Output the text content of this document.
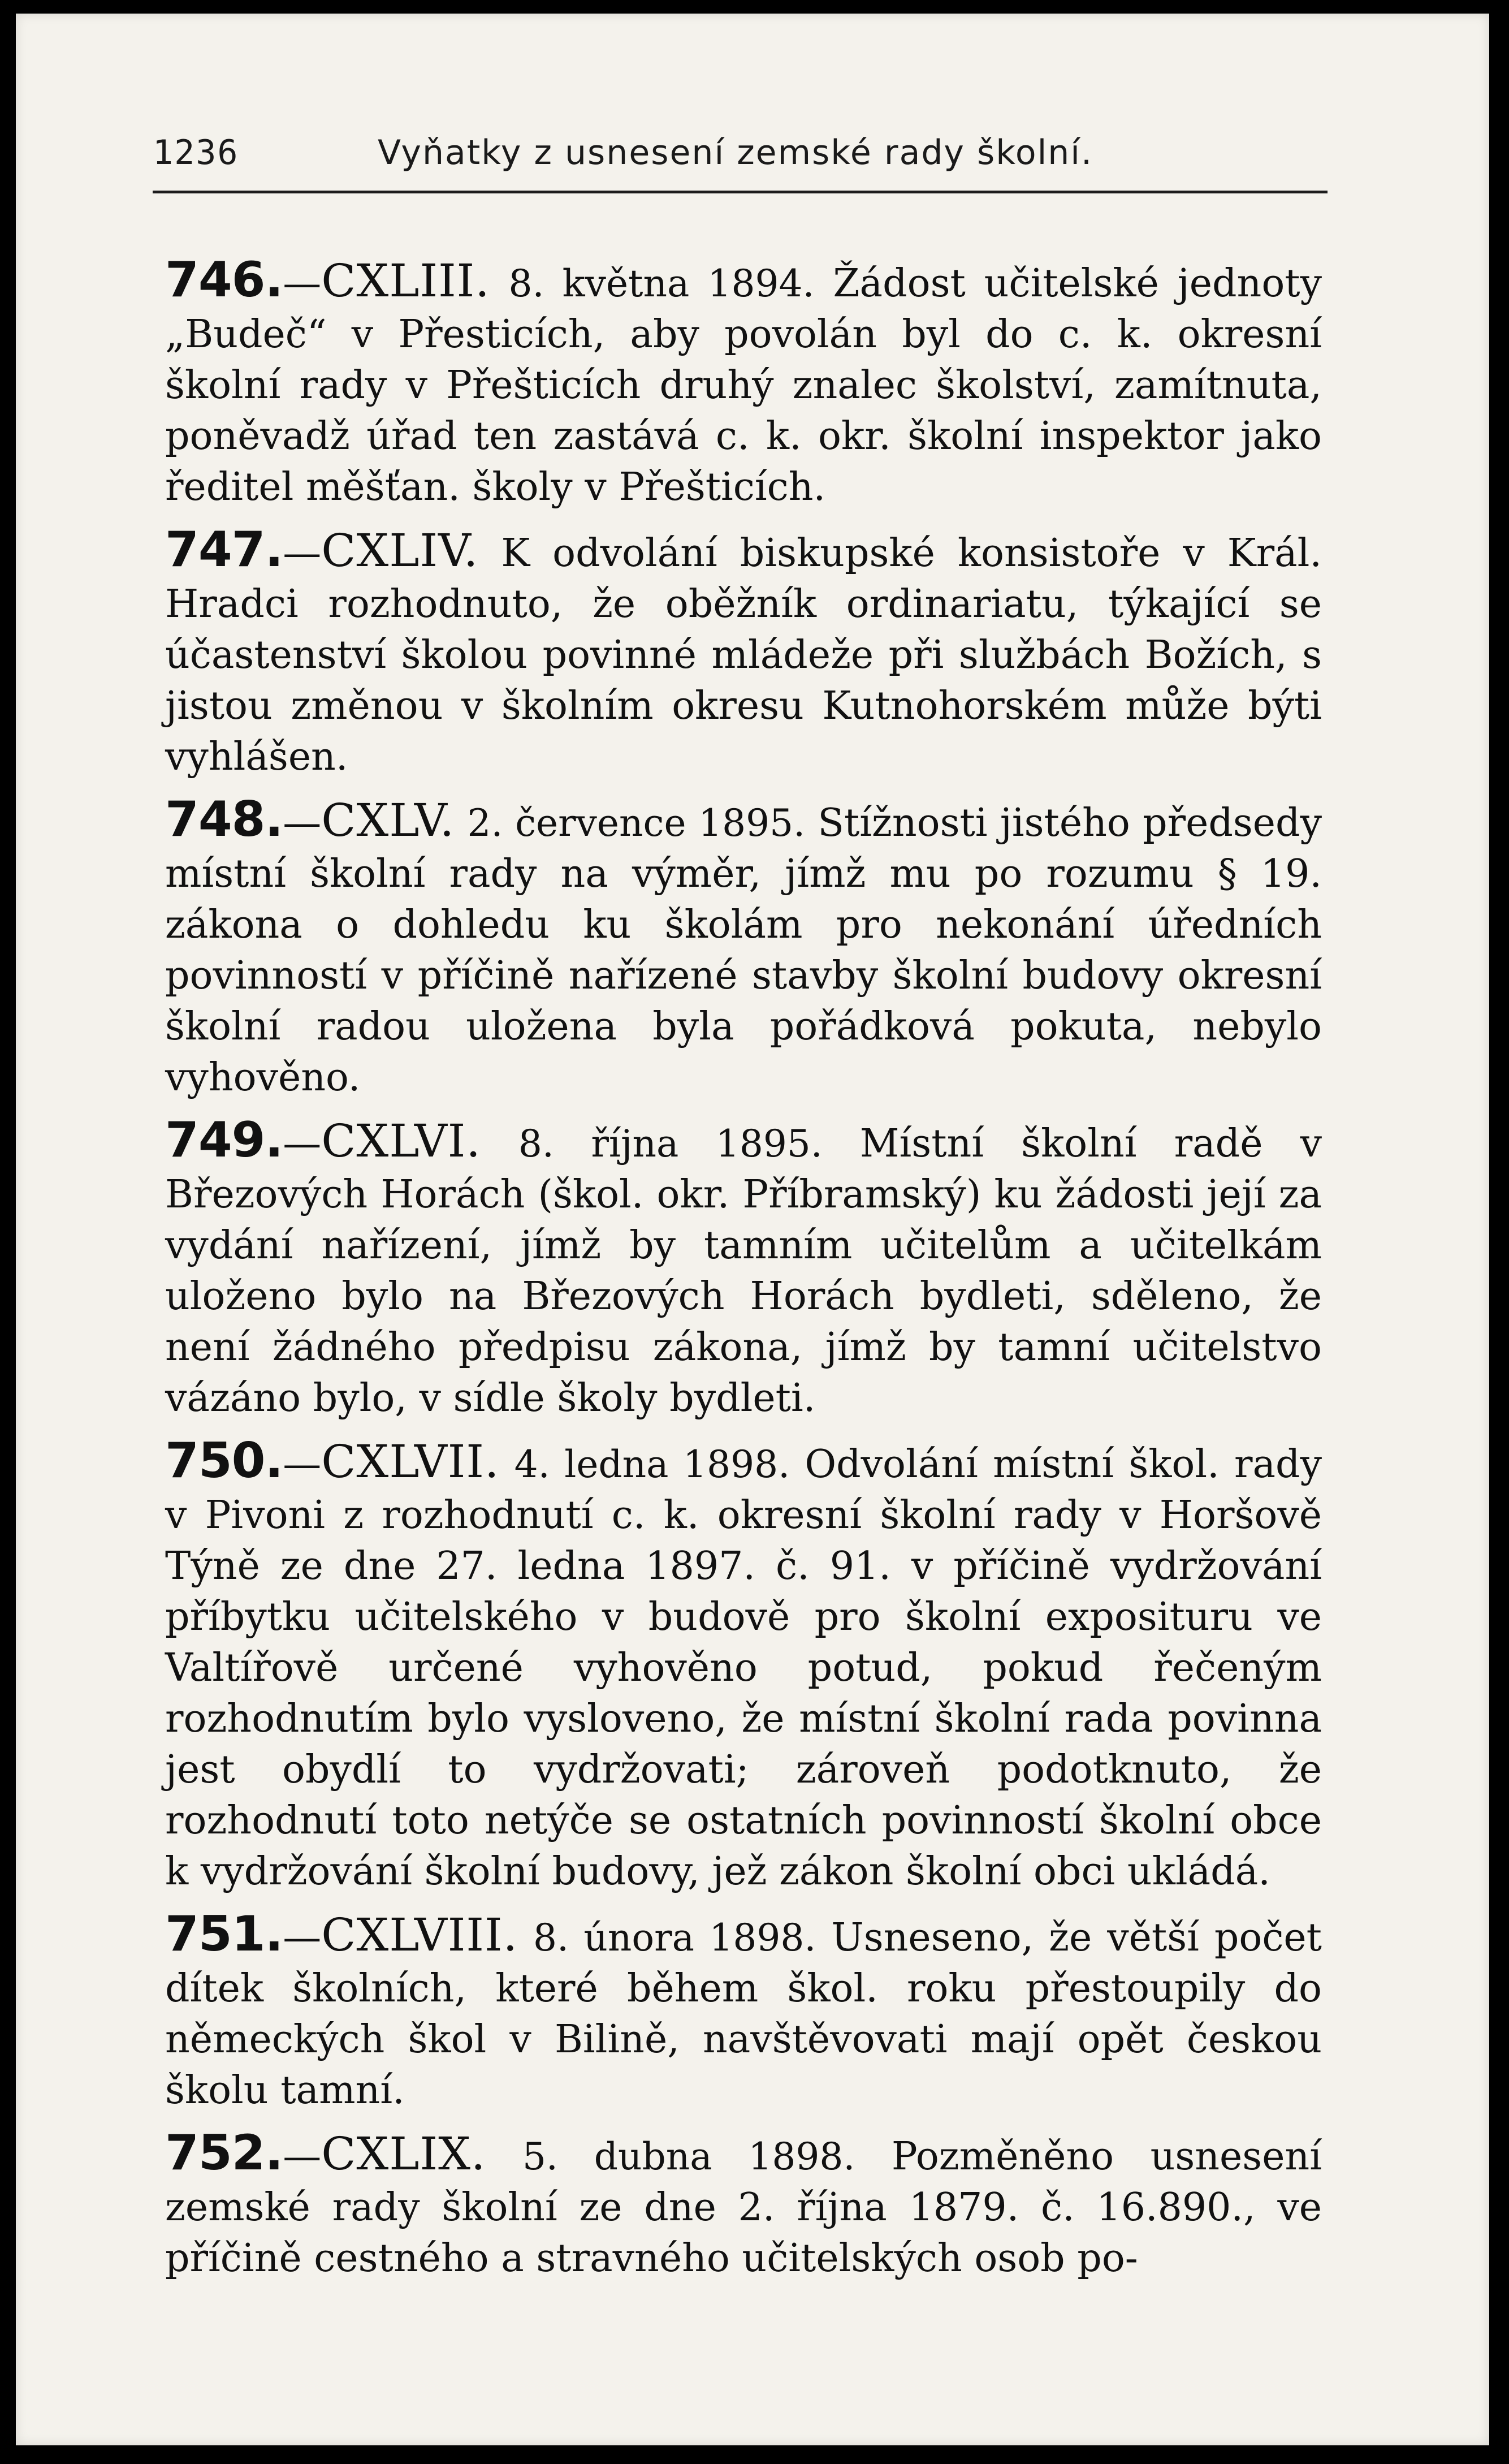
1236	Vyňatky z usnesení zemské rady školní.

746.—CXLIII. 8. května 1894. Žádost učitelské jednoty „Budeč“ v Přesticích, aby povolán byl do c. k. okresní školní rady v Přešticích druhý znalec školství, zamítnuta, poněvadž úřad ten zastává c. k. okr. školní inspektor jako ředitel měšťan. školy v Přešticích.

747.—CXLIV. K odvolání biskupské konsistoře v Král. Hradci rozhodnuto, že oběžník ordinariatu, týkající se účastenství školou povinné mládeže při službách Božích, s jistou změnou v školním okresu Kutnohorském může býti vyhlášen.

748.—CXLV. 2. července 1895. Stížnosti jistého předsedy místní školní rady na výměr, jímž mu po rozumu § 19. zákona o dohledu ku školám pro nekonání úředních povinností v příčině nařízené stavby školní budovy okresní školní radou uložena byla pořádková pokuta, nebylo vyhověno.

749.—CXLVI. 8. října 1895. Místní školní radě v Březových Horách (škol. okr. Příbramský) ku žádosti její za vydání nařízení, jímž by tamním učitelům a učitelkám uloženo bylo na Březových Horách bydleti, sděleno, že není žádného předpisu zákona, jímž by tamní učitelstvo vázáno bylo, v sídle školy bydleti.

750.—CXLVII. 4. ledna 1898. Odvolání místní škol. rady v Pivoni z rozhodnutí c. k. okresní školní rady v Horšově Týně ze dne 27. ledna 1897. č. 91. v příčině vydržování příbytku učitelského v budově pro školní exposituru ve Valtířově určené vyhověno potud, pokud řečeným rozhodnutím bylo vysloveno, že místní školní rada povinna jest obydlí to vydržovati; zároveň podotknuto, že rozhodnutí toto netýče se ostatních povinností školní obce k vydržování školní budovy, jež zákon školní obci ukládá.

751.—CXLVIII. 8. února 1898. Usneseno, že větší počet dítek školních, které během škol. roku přestoupily do německých škol v Bilině, navštěvovati mají opět českou školu tamní.

752.—CXLIX. 5. dubna 1898. Pozměněno usnesení zemské rady školní ze dne 2. října 1879. č. 16.890., ve příčině cestného a stravného učitelských osob po-
